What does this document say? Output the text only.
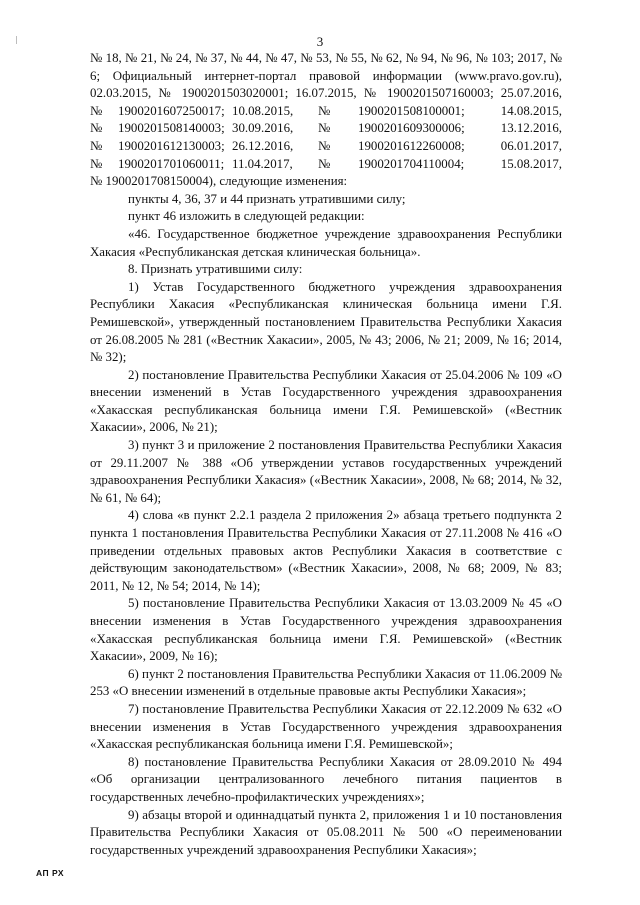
3

№ 18, № 21, № 24, № 37, № 44, № 47, № 53, № 55, № 62, № 94, № 96, № 103; 2017, № 6; Официальный интернет-портал правовой информации (www.pravo.gov.ru), 02.03.2015, № 1900201503020001; 16.07.2015, № 1900201507160003; 25.07.2016,

№	1900201607250017; 10.08.2015,	№	1900201508100001;	14.08.2015,
№	1900201508140003; 30.09.2016,	№	1900201609300006;	13.12.2016,
№	1900201612130003; 26.12.2016,	№	1900201612260008;	06.01.2017,
№	1900201701060011; 11.04.2017,	№	1900201704110004;	15.08.2017,

№ 1900201708150004), следующие изменения:

пункты 4, 36, 37 и 44 признать утратившими силу;

пункт 46 изложить в следующей редакции:

«46. Государственное бюджетное учреждение здравоохранения Республики Хакасия «Республиканская детская клиническая больница».

8. Признать утратившими силу:

1) Устав Государственного бюджетного учреждения здравоохранения Республики Хакасия «Республиканская клиническая больница имени Г.Я. Ремишевской», утвержденный постановлением Правительства Республики Хакасия от 26.08.2005 № 281 («Вестник Хакасии», 2005, № 43; 2006, № 21; 2009, № 16; 2014, № 32);

2) постановление Правительства Республики Хакасия от 25.04.2006 № 109 «О внесении изменений в Устав Государственного учреждения здравоохранения «Хакасская республиканская больница имени Г.Я. Ремишевской» («Вестник Хакасии», 2006, № 21);

3) пункт 3 и приложение 2 постановления Правительства Республики Хакасия от 29.11.2007 № 388 «Об утверждении уставов государственных учреждений здравоохранения Республики Хакасия» («Вестник Хакасии», 2008, № 68; 2014, № 32, № 61, № 64);

4) слова «в пункт 2.2.1 раздела 2 приложения 2» абзаца третьего подпункта 2 пункта 1 постановления Правительства Республики Хакасия от 27.11.2008 № 416 «О приведении отдельных правовых актов Республики Хакасия в соответствие с действующим законодательством» («Вестник Хакасии», 2008, № 68; 2009, № 83; 2011, № 12, № 54; 2014, № 14);

5) постановление Правительства Республики Хакасия от 13.03.2009 № 45 «О внесении изменения в Устав Государственного учреждения здравоохранения «Хакасская республиканская больница имени Г.Я. Ремишевской» («Вестник Хакасии», 2009, № 16);

6) пункт 2 постановления Правительства Республики Хакасия от 11.06.2009 № 253 «О внесении изменений в отдельные правовые акты Республики Хакасия»;

7) постановление Правительства Республики Хакасия от 22.12.2009 № 632 «О внесении изменения в Устав Государственного учреждения здравоохранения «Хакасская республиканская больница имени Г.Я. Ремишевской»;

8) постановление Правительства Республики Хакасия от 28.09.2010 № 494 «Об организации централизованного лечебного питания пациентов в государственных лечебно-профилактических учреждениях»;

9) абзацы второй и одиннадцатый пункта 2, приложения 1 и 10 постановления Правительства Республики Хакасия от 05.08.2011 № 500 «О переименовании государственных учреждений здравоохранения Республики Хакасия»;

АП РХ
